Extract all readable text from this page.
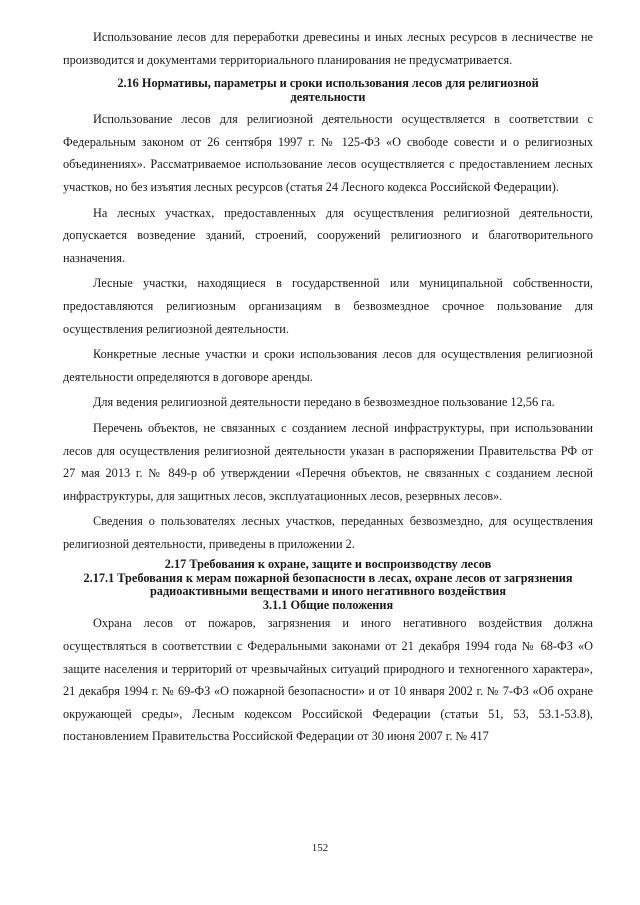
Использование лесов для переработки древесины и иных лесных ресурсов в лесничестве не производится и документами территориального планирования не предусматривается.

2.16 Нормативы, параметры и сроки использования лесов для религиозной деятельности

Использование лесов для религиозной деятельности осуществляется в соответствии с Федеральным законом от 26 сентября 1997 г. № 125-ФЗ «О свободе совести и о религиозных объединениях». Рассматриваемое использование лесов осуществляется с предоставлением лесных участков, но без изъятия лесных ресурсов (статья 24 Лесного кодекса Российской Федерации).

На лесных участках, предоставленных для осуществления религиозной деятельности, допускается возведение зданий, строений, сооружений религиозного и благотворительного назначения.

Лесные участки, находящиеся в государственной или муниципальной собственности, предоставляются религиозным организациям в безвозмездное срочное пользование для осуществления религиозной деятельности.

Конкретные лесные участки и сроки использования лесов для осуществления религиозной деятельности определяются в договоре аренды.

Для ведения религиозной деятельности передано в безвозмездное пользование 12,56 га.

Перечень объектов, не связанных с созданием лесной инфраструктуры, при использовании лесов для осуществления религиозной деятельности указан в распоряжении Правительства РФ от 27 мая 2013 г. № 849-р об утверждении «Перечня объектов, не связанных с созданием лесной инфраструктуры, для защитных лесов, эксплуатационных лесов, резервных лесов».

Сведения о пользователях лесных участков, переданных безвозмездно, для осуществления религиозной деятельности, приведены в приложении 2.

2.17 Требования к охране, защите и воспроизводству лесов

2.17.1 Требования к мерам пожарной безопасности в лесах, охране лесов от загрязнения радиоактивными веществами и иного негативного воздействия

3.1.1 Общие положения

Охрана лесов от пожаров, загрязнения и иного негативного воздействия должна осуществляться в соответствии с Федеральными законами от 21 декабря 1994 года № 68-ФЗ «О защите населения и территорий от чрезвычайных ситуаций природного и техногенного характера», 21 декабря 1994 г. № 69-ФЗ «О пожарной безопасности» и от 10 января 2002 г. № 7-ФЗ «Об охране окружающей среды», Лесным кодексом Российской Федерации (статьи 51, 53, 53.1-53.8), постановлением Правительства Российской Федерации от 30 июня 2007 г. № 417

152
